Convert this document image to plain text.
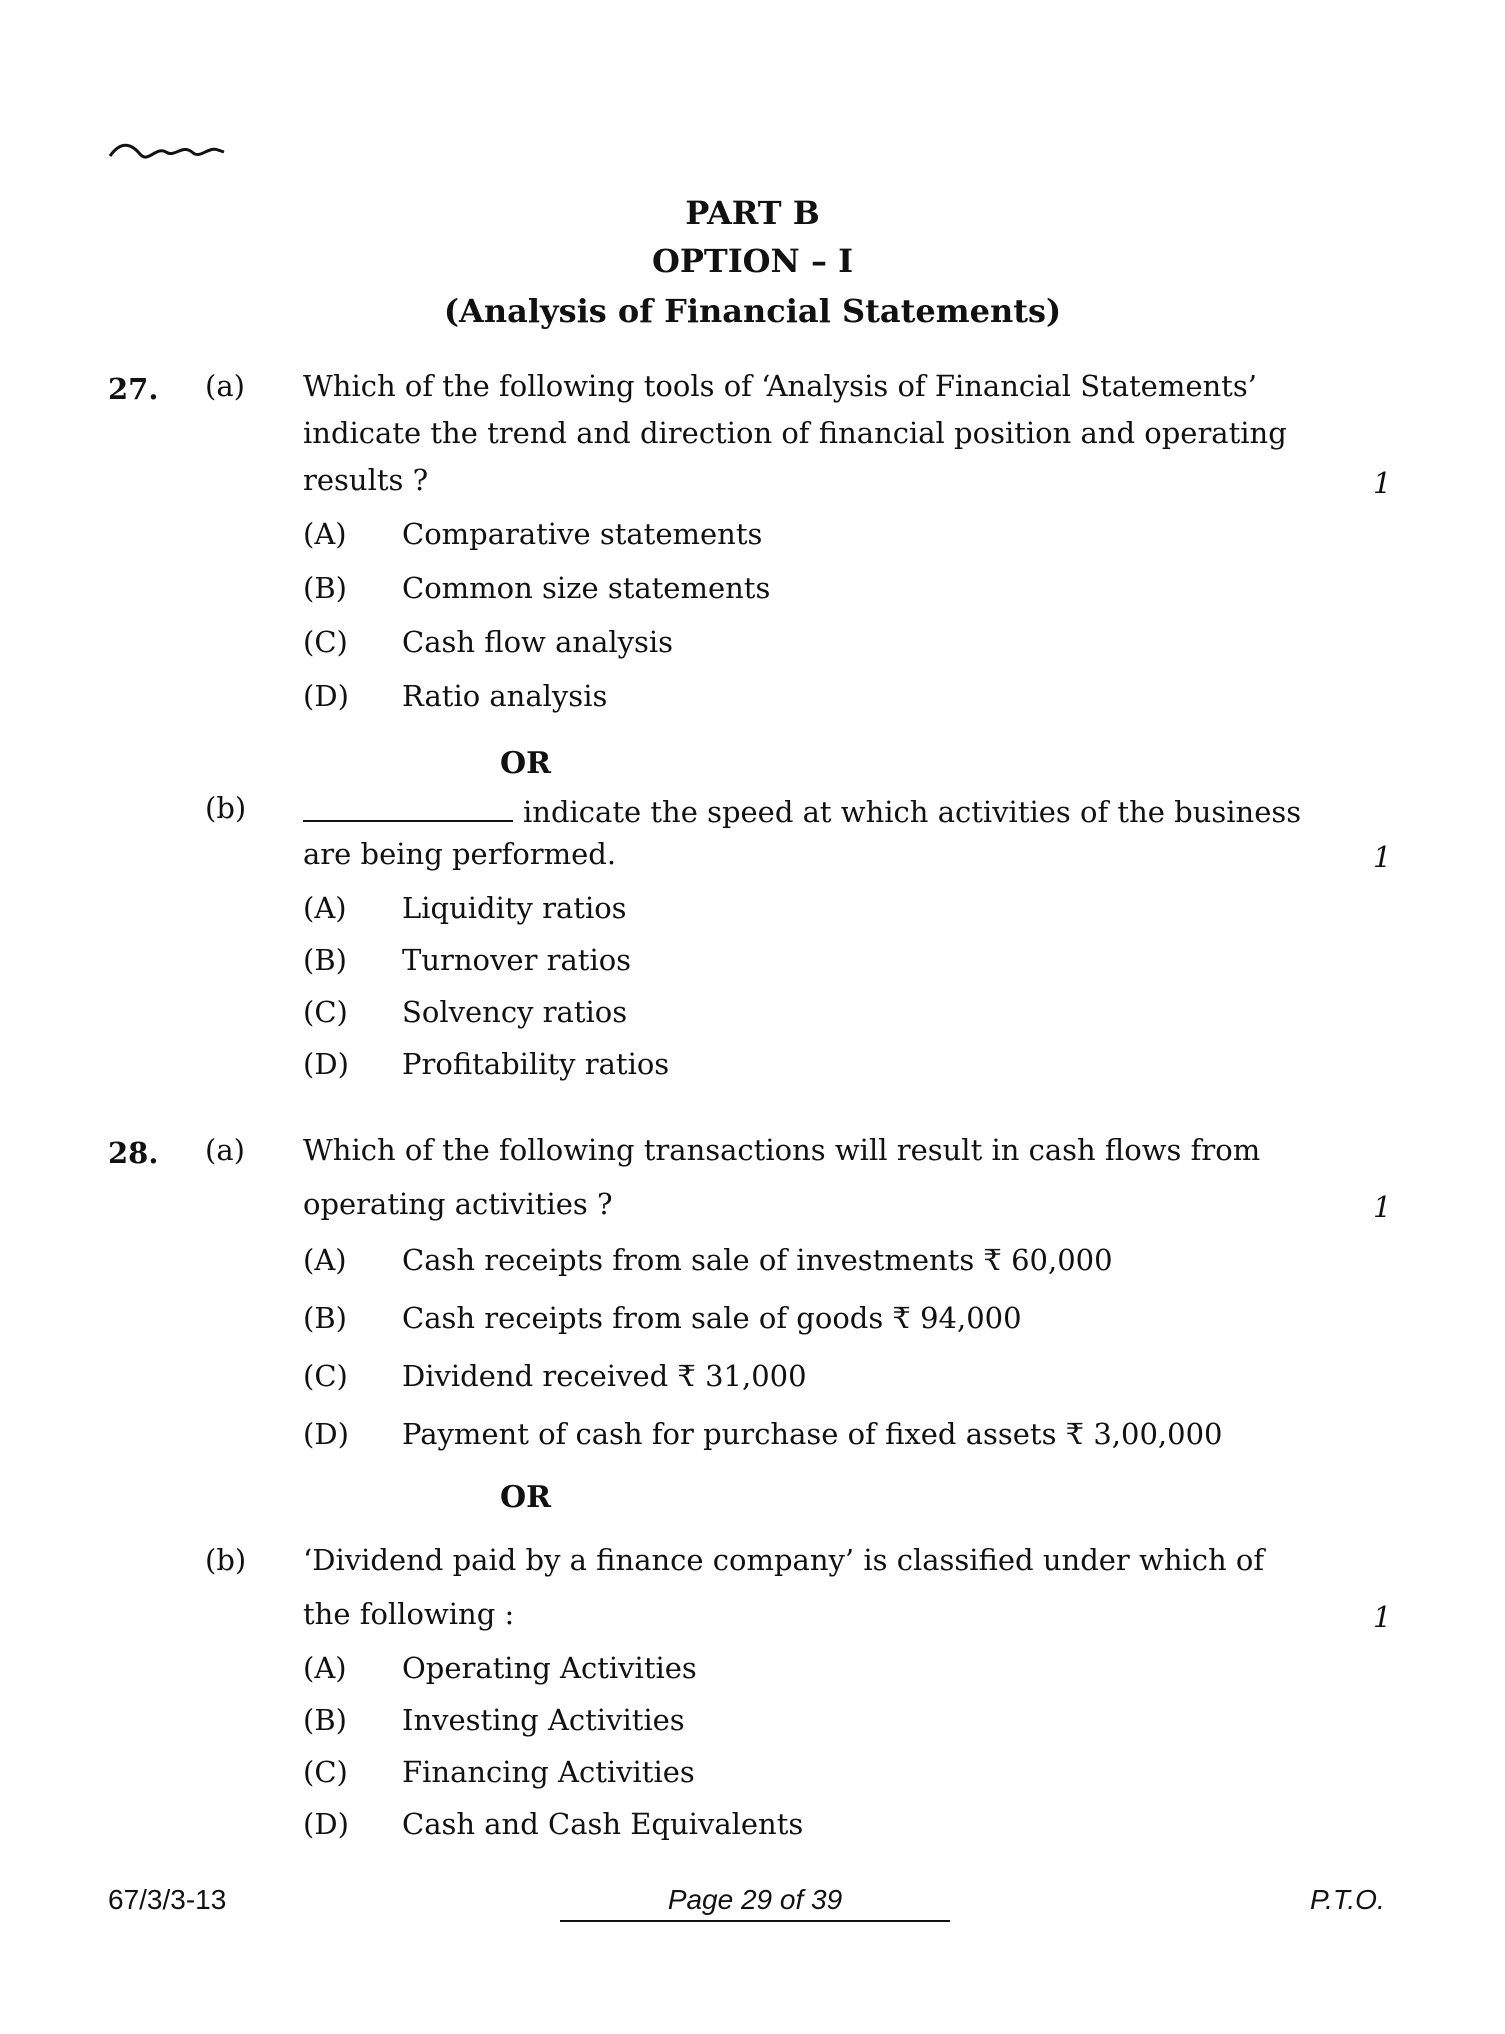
PART B
OPTION – I
(Analysis of Financial Statements)
27. (a) Which of the following tools of ‘Analysis of Financial Statements’
indicate the trend and direction of financial position and operating
results ?	1
(A) Comparative statements
(B) Common size statements
(C) Cash flow analysis
(D) Ratio analysis
OR
(b)	indicate the speed at which activities of the business
are being performed.	1
(A) Liquidity ratios
(B) Turnover ratios
(C) Solvency ratios
(D) Profitability ratios
28. (a) Which of the following transactions will result in cash flows from
operating activities ?	1
(A) Cash receipts from sale of investments ₹ 60,000
(B) Cash receipts from sale of goods ₹ 94,000
(C) Dividend received ₹ 31,000
(D) Payment of cash for purchase of fixed assets ₹ 3,00,000
OR
(b) ‘Dividend paid by a finance company’ is classified under which of
the following :	1
(A) Operating Activities
(B) Investing Activities
(C) Financing Activities
(D) Cash and Cash Equivalents
67/3/3-13	Page 29 of 39	P.T.O.
